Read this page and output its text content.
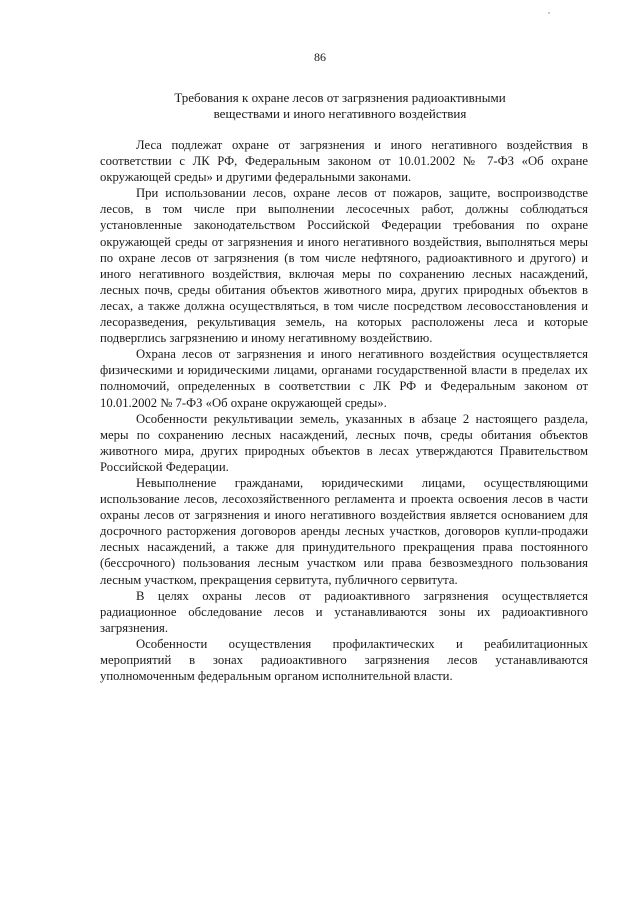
86
Требования к охране лесов от загрязнения радиоактивными
веществами и иного негативного воздействия

Леса подлежат охране от загрязнения и иного негативного воздействия в соответствии с ЛК РФ, Федеральным законом от 10.01.2002 № 7-ФЗ «Об охране окружающей среды» и другими федеральными законами.

При использовании лесов, охране лесов от пожаров, защите, воспроизводстве лесов, в том числе при выполнении лесосечных работ, должны соблюдаться установленные законодательством Российской Федерации требования по охране окружающей среды от загрязнения и иного негативного воздействия, выполняться меры по охране лесов от загрязнения (в том числе нефтяного, радиоактивного и другого) и иного негативного воздействия, включая меры по сохранению лесных насаждений, лесных почв, среды обитания объектов животного мира, других природных объектов в лесах, а также должна осуществляться, в том числе посредством лесовосстановления и лесоразведения, рекультивация земель, на которых расположены леса и которые подверглись загрязнению и иному негативному воздействию.

Охрана лесов от загрязнения и иного негативного воздействия осуществляется физическими и юридическими лицами, органами государственной власти в пределах их полномочий, определенных в соответствии с ЛК РФ и Федеральным законом от 10.01.2002 № 7-ФЗ «Об охране окружающей среды».

Особенности рекультивации земель, указанных в абзаце 2 настоящего раздела, меры по сохранению лесных насаждений, лесных почв, среды обитания объектов животного мира, других природных объектов в лесах утверждаются Правительством Российской Федерации.

Невыполнение гражданами, юридическими лицами, осуществляющими использование лесов, лесохозяйственного регламента и проекта освоения лесов в части охраны лесов от загрязнения и иного негативного воздействия является основанием для досрочного расторжения договоров аренды лесных участков, договоров купли-продажи лесных насаждений, а также для принудительного прекращения права постоянного (бессрочного) пользования лесным участком или права безвозмездного пользования лесным участком, прекращения сервитута, публичного сервитута.

В целях охраны лесов от радиоактивного загрязнения осуществляется радиационное обследование лесов и устанавливаются зоны их радиоактивного загрязнения.

Особенности осуществления профилактических и реабилитационных мероприятий в зонах радиоактивного загрязнения лесов устанавливаются уполномоченным федеральным органом исполнительной власти.
